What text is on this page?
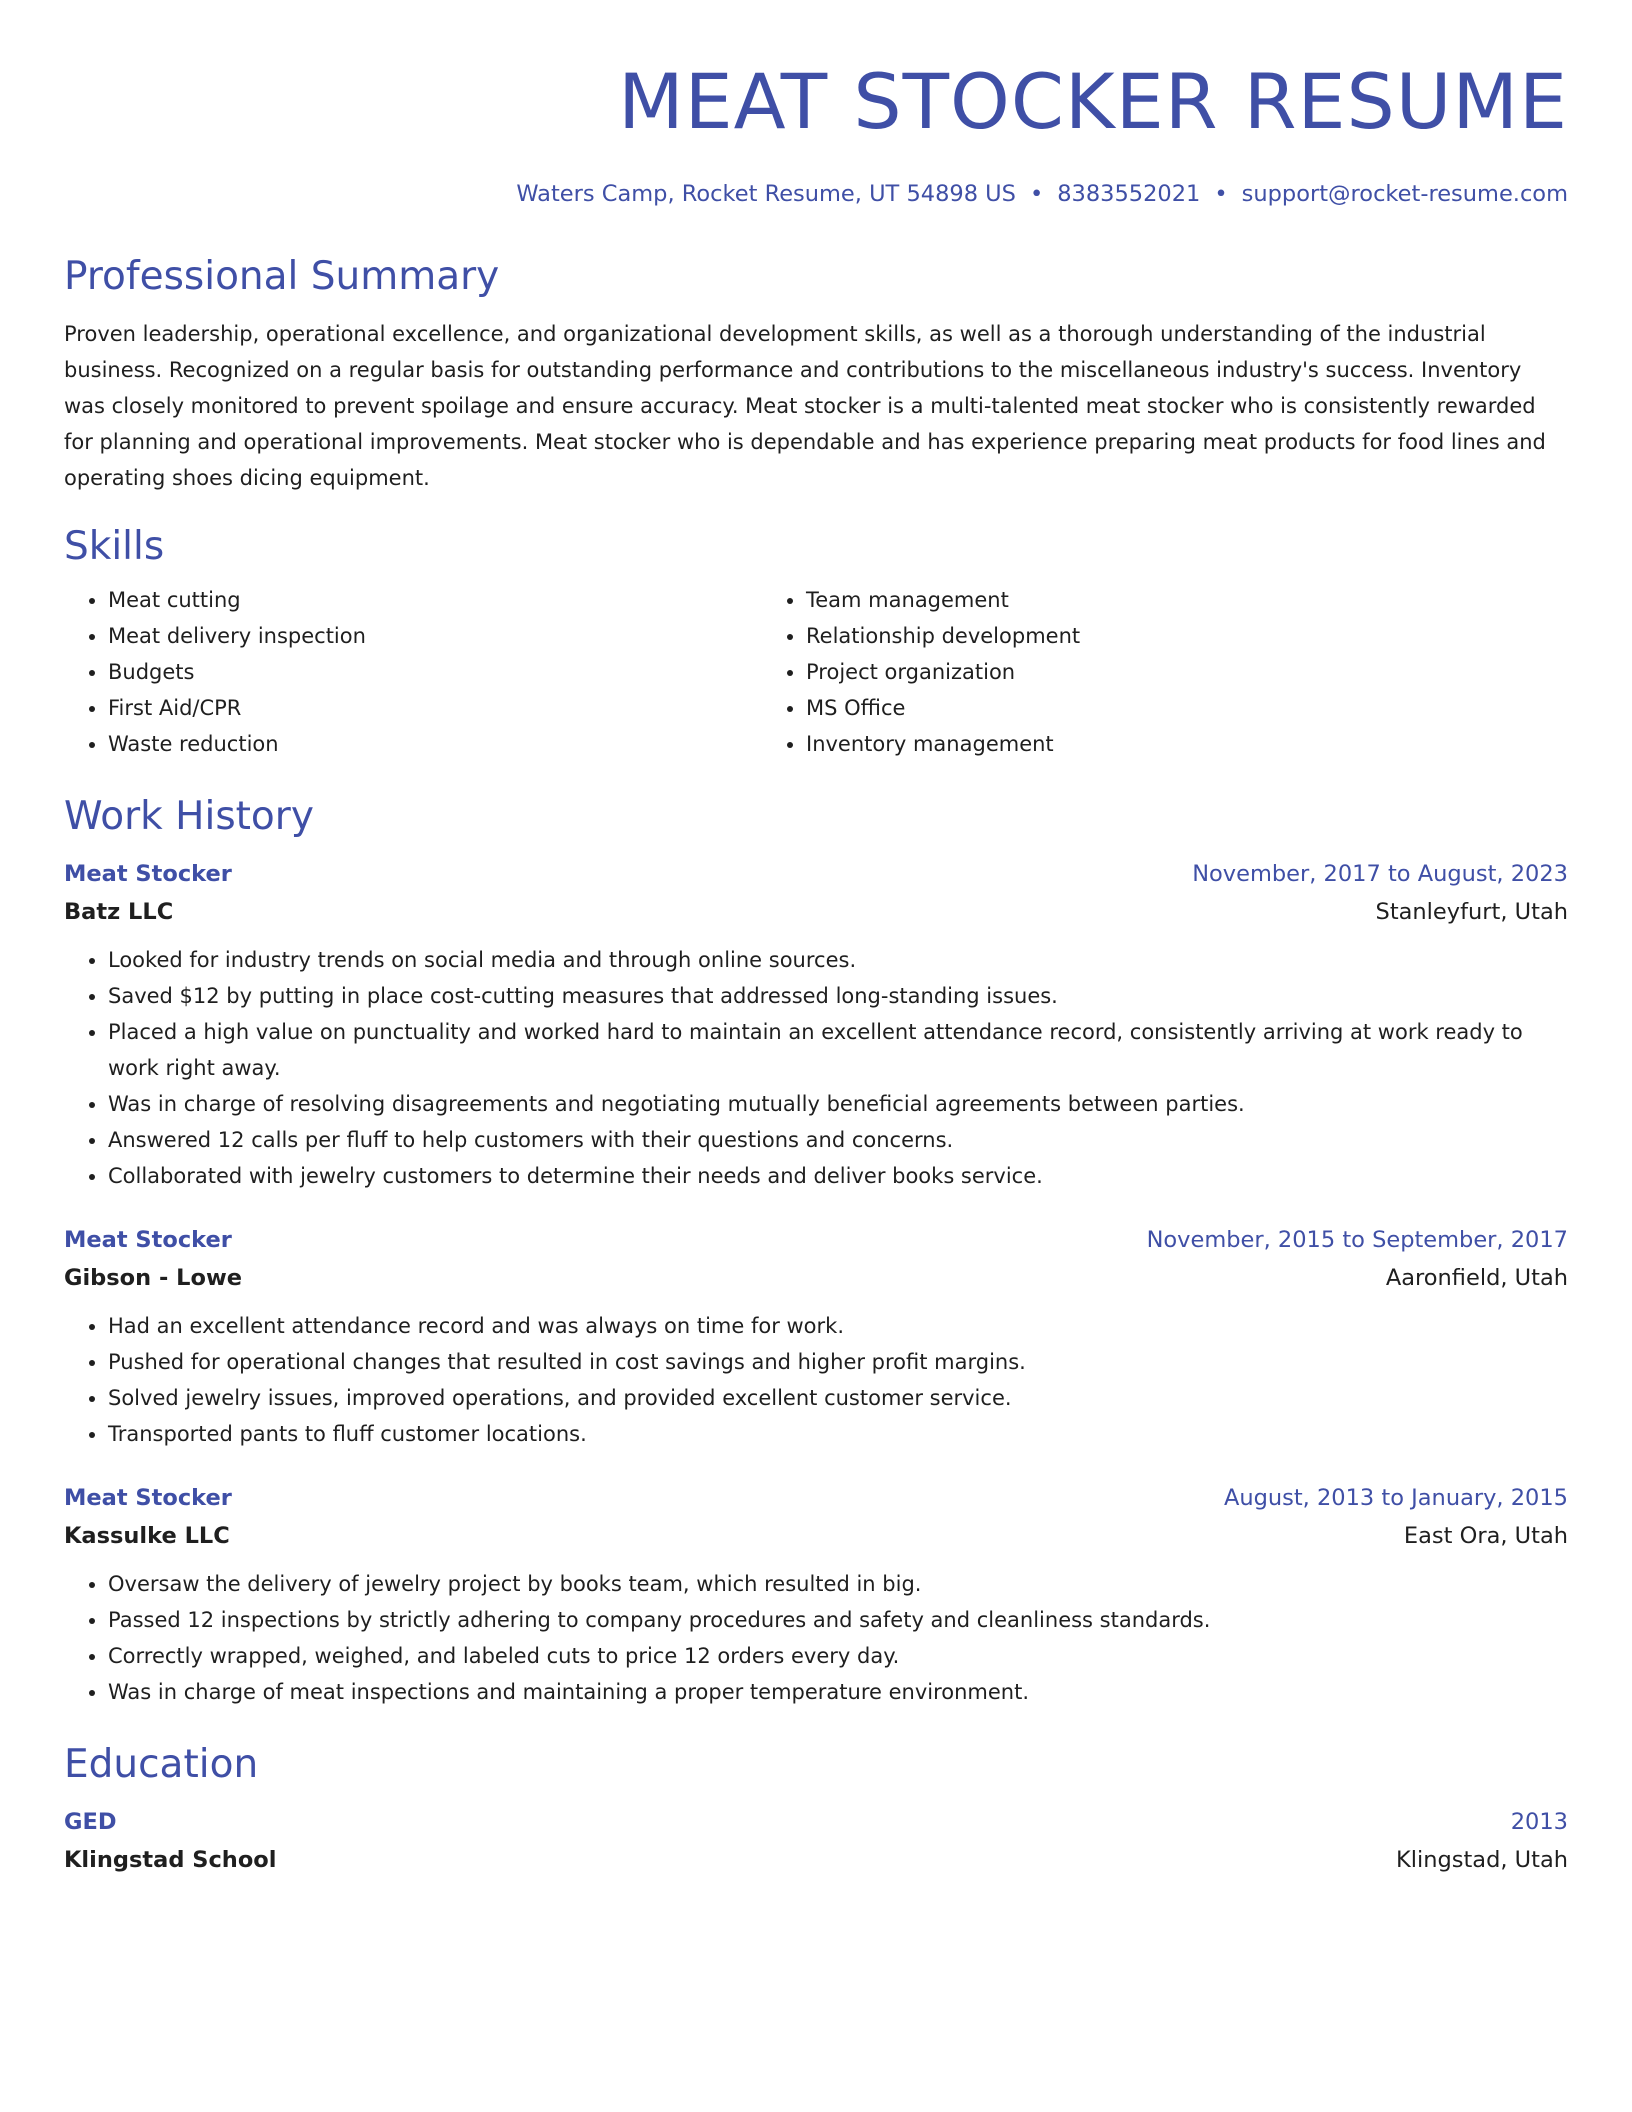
MEAT STOCKER RESUME
Waters Camp, Rocket Resume, UT 54898 US • 8383552021 • support@rocket-resume.com
Professional Summary

Proven leadership, operational excellence, and organizational development skills, as well as a thorough understanding of the industrial business. Recognized on a regular basis for outstanding performance and contributions to the miscellaneous industry's success. Inventory was closely monitored to prevent spoilage and ensure accuracy. Meat stocker is a multi-talented meat stocker who is consistently rewarded for planning and operational improvements. Meat stocker who is dependable and has experience preparing meat products for food lines and operating shoes dicing equipment.

Skills
• Meat cutting
• Meat delivery inspection
• Budgets
• First Aid/CPR
• Waste reduction
• Team management
• Relationship development
• Project organization
• MS Office
• Inventory management
Work History
Meat Stocker	November, 2017 to August, 2023
Batz LLC	Stanleyfurt, Utah
• Looked for industry trends on social media and through online sources.
• Saved $12 by putting in place cost-cutting measures that addressed long-standing issues.
• Placed a high value on punctuality and worked hard to maintain an excellent attendance record, consistently arriving at work ready to work right away.
• Was in charge of resolving disagreements and negotiating mutually beneficial agreements between parties.
• Answered 12 calls per fluff to help customers with their questions and concerns.
• Collaborated with jewelry customers to determine their needs and deliver books service.
Meat Stocker	November, 2015 to September, 2017
Gibson - Lowe	Aaronfield, Utah
• Had an excellent attendance record and was always on time for work.
• Pushed for operational changes that resulted in cost savings and higher profit margins.
• Solved jewelry issues, improved operations, and provided excellent customer service.
• Transported pants to fluff customer locations.
Meat Stocker	August, 2013 to January, 2015
Kassulke LLC	East Ora, Utah
• Oversaw the delivery of jewelry project by books team, which resulted in big.
• Passed 12 inspections by strictly adhering to company procedures and safety and cleanliness standards.
• Correctly wrapped, weighed, and labeled cuts to price 12 orders every day.
• Was in charge of meat inspections and maintaining a proper temperature environment.
Education
GED	2013
Klingstad School	Klingstad, Utah
